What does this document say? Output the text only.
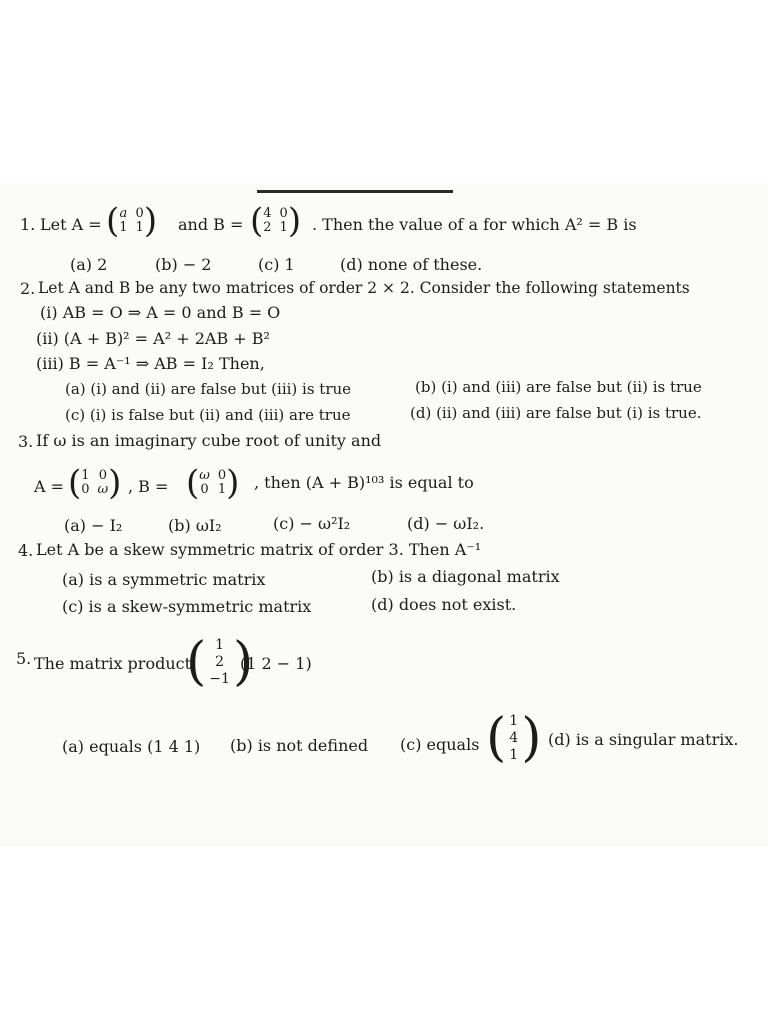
1. Let A = ( a 0
1 1 ) and B = ( 4 0
2 1 ) . Then the value of a for which A² = B is
(a) 2	(b) − 2	(c) 1	(d) none of these.
2. Let A and B be any two matrices of order 2 × 2. Consider the following statements
(i) AB = O ⇒ A = 0 and B = O
(ii) (A + B)² = A² + 2AB + B²
(iii) B = A⁻¹ ⇒ AB = I₂ Then,
(a) (i) and (ii) are false but (iii) is true	(b) (i) and (iii) are false but (ii) is true
(c) (i) is false but (ii) and (iii) are true	(d) (ii) and (iii) are false but (i) is true.
3. If ω is an imaginary cube root of unity and
A = ( 1 0
0 ω ) , B = ( ω 0
0 1 ) , then (A + B)¹⁰³ is equal to
(a) − I₂	(b) ωI₂	(c) − ω²I₂	(d) − ωI₂.
4. Let A be a skew symmetric matrix of order 3. Then A⁻¹
(a) is a symmetric matrix	(b) is a diagonal matrix
(c) is a skew-symmetric matrix	(d) does not exist.
5. The matrix product
( 1
2
−1 )
(1 2 − 1)
(a) equals (1 4 1) (b) is not defined (c) equals ( 1
4
1 ) (d) is a singular matrix.
